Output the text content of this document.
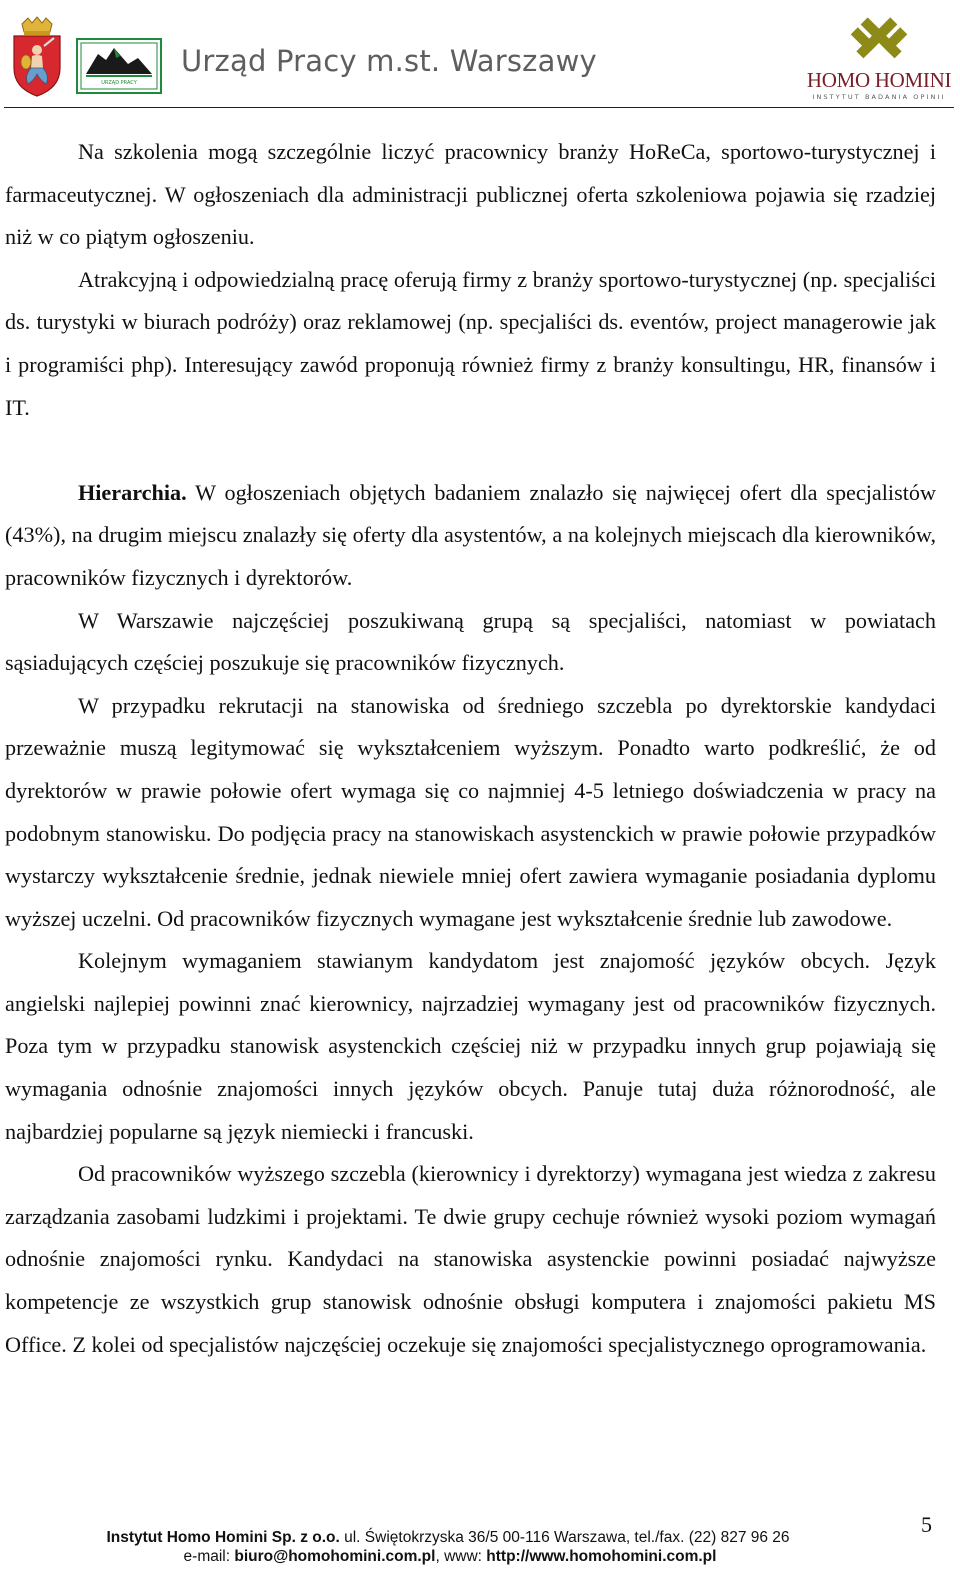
URZĄD PRACY
Urząd Pracy m.st. Warszawy
HOMO HOMINI
INSTYTUT BADANIA OPINII

Na szkolenia mogą szczególnie liczyć pracownicy branży HoReCa, sportowo-turystycznej i farmaceutycznej. W ogłoszeniach dla administracji publicznej oferta szkoleniowa pojawia się rzadziej niż w co piątym ogłoszeniu.

Atrakcyjną i odpowiedzialną pracę oferują firmy z branży sportowo-turystycznej (np. specjaliści ds. turystyki w biurach podróży) oraz reklamowej (np. specjaliści ds. eventów, project managerowie jak i programiści php). Interesujący zawód proponują również firmy z branży konsultingu, HR, finansów i IT.

Hierarchia. W ogłoszeniach objętych badaniem znalazło się najwięcej ofert dla specjalistów (43%), na drugim miejscu znalazły się oferty dla asystentów, a na kolejnych miejscach dla kierowników, pracowników fizycznych i dyrektorów.

W Warszawie najczęściej poszukiwaną grupą są specjaliści, natomiast w powiatach sąsiadujących częściej poszukuje się pracowników fizycznych.

W przypadku rekrutacji na stanowiska od średniego szczebla po dyrektorskie kandydaci przeważnie muszą legitymować się wykształceniem wyższym. Ponadto warto podkreślić, że od dyrektorów w prawie połowie ofert wymaga się co najmniej 4-5 letniego doświadczenia w pracy na podobnym stanowisku. Do podjęcia pracy na stanowiskach asystenckich w prawie połowie przypadków wystarczy wykształcenie średnie, jednak niewiele mniej ofert zawiera wymaganie posiadania dyplomu wyższej uczelni. Od pracowników fizycznych wymagane jest wykształcenie średnie lub zawodowe.

Kolejnym wymaganiem stawianym kandydatom jest znajomość języków obcych. Język angielski najlepiej powinni znać kierownicy, najrzadziej wymagany jest od pracowników fizycznych. Poza tym w przypadku stanowisk asystenckich częściej niż w przypadku innych grup pojawiają się wymagania odnośnie znajomości innych języków obcych. Panuje tutaj duża różnorodność, ale najbardziej popularne są język niemiecki i francuski.

Od pracowników wyższego szczebla (kierownicy i dyrektorzy) wymagana jest wiedza z zakresu zarządzania zasobami ludzkimi i projektami. Te dwie grupy cechuje również wysoki poziom wymagań odnośnie znajomości rynku. Kandydaci na stanowiska asystenckie powinni posiadać najwyższe kompetencje ze wszystkich grup stanowisk odnośnie obsługi komputera i znajomości pakietu MS Office. Z kolei od specjalistów najczęściej oczekuje się znajomości specjalistycznego oprogramowania.

5
Instytut Homo Homini Sp. z o.o. ul. Świętokrzyska 36/5 00-116 Warszawa, tel./fax. (22) 827 96 26
e-mail: biuro@homohomini.com.pl, www: http://www.homohomini.com.pl
